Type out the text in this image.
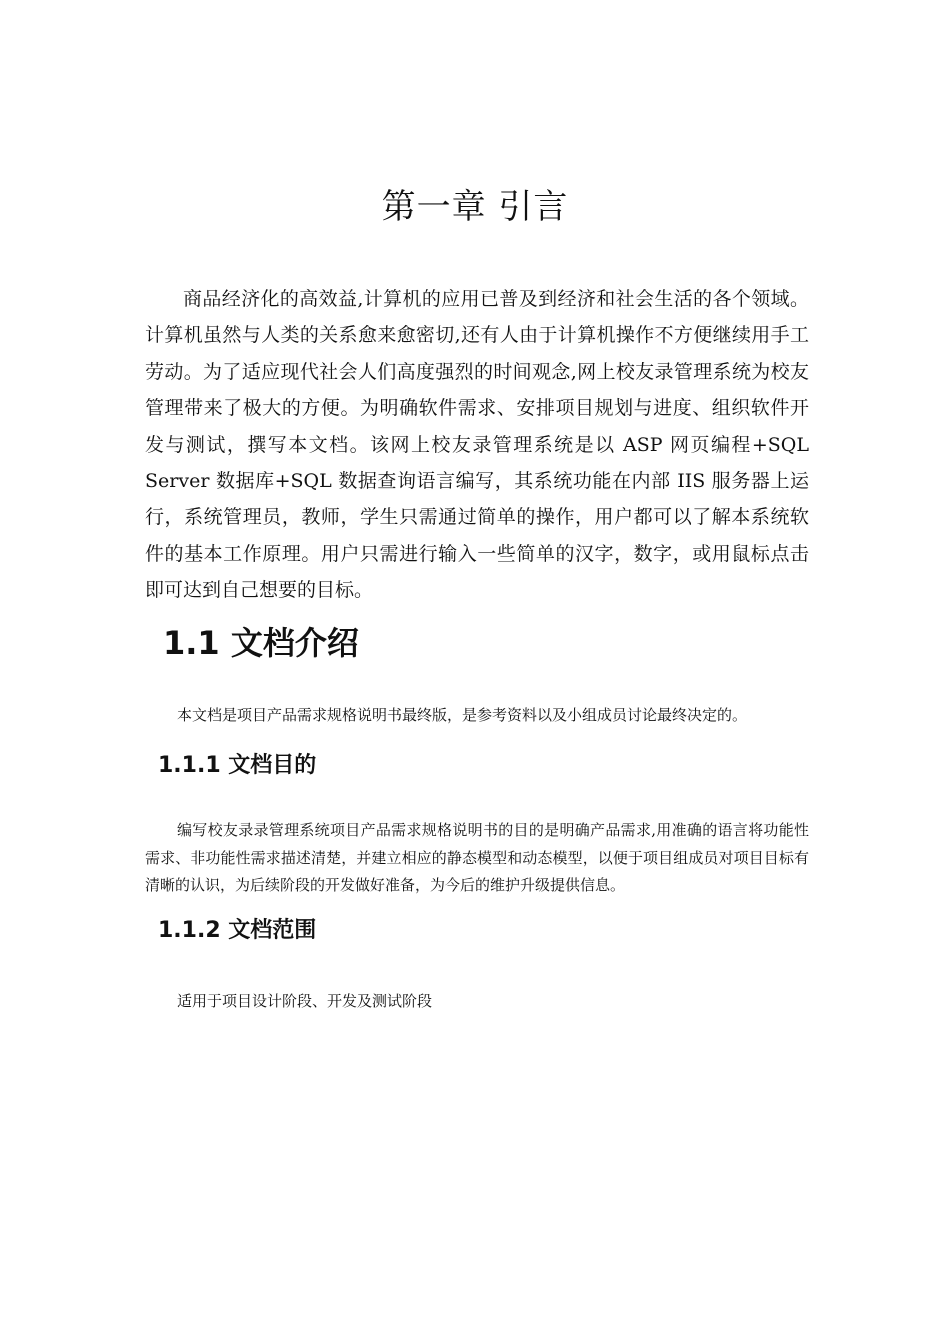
第一章 引言

商品经济化的高效益,计算机的应用已普及到经济和社会生活的各个领域。计算机虽然与人类的关系愈来愈密切,还有人由于计算机操作不方便继续用手工劳动。为了适应现代社会人们高度强烈的时间观念,网上校友录管理系统为校友管理带来了极大的方便。为明确软件需求、安排项目规划与进度、组织软件开发与测试，撰写本文档。该网上校友录管理系统是以 ASP 网页编程+SQL Server 数据库+SQL 数据查询语言编写，其系统功能在内部 IIS 服务器上运行，系统管理员，教师，学生只需通过简单的操作，用户都可以了解本系统软件的基本工作原理。用户只需进行输入一些简单的汉字，数字，或用鼠标点击即可达到自己想要的目标。

1.1 文档介绍

本文档是项目产品需求规格说明书最终版，是参考资料以及小组成员讨论最终决定的。

1.1.1 文档目的

编写校友录录管理系统项目产品需求规格说明书的目的是明确产品需求,用准确的语言将功能性需求、非功能性需求描述清楚，并建立相应的静态模型和动态模型，以便于项目组成员对项目目标有清晰的认识，为后续阶段的开发做好准备，为今后的维护升级提供信息。

1.1.2 文档范围

适用于项目设计阶段、开发及测试阶段
